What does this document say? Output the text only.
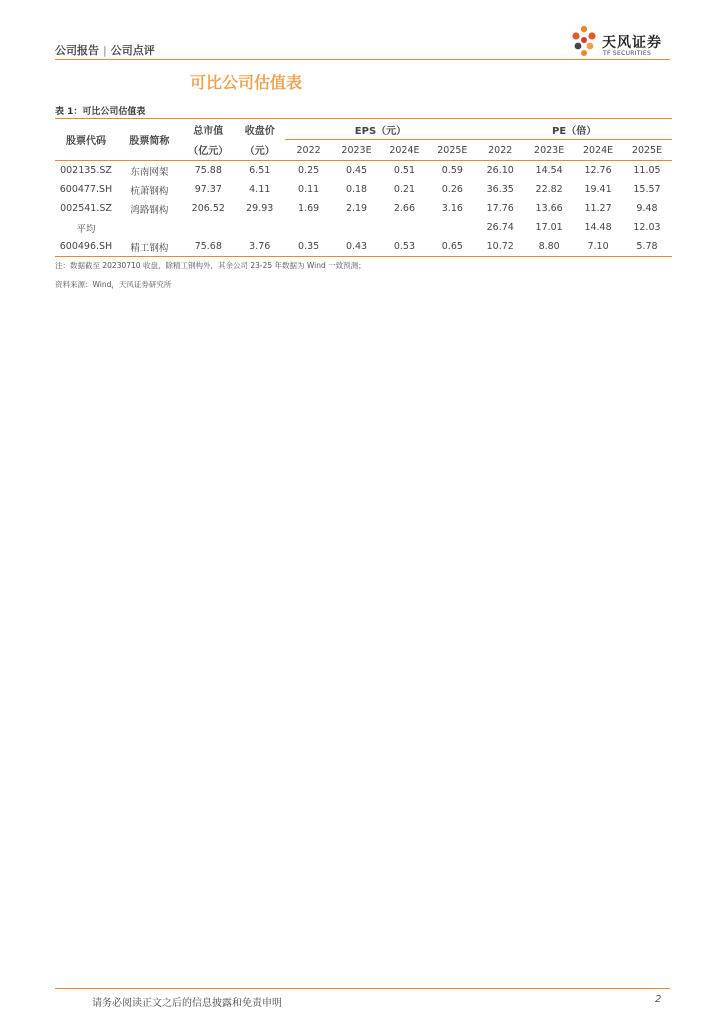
公司报告 | 公司点评	天风证券
TF SECURITIES
可比公司估值表
表 1：可比公司估值表
股票代码	股票简称	总市值	收盘价	EPS（元）				PE（倍）			
		（亿元）	（元）	2022	2023E	2024E	2025E	2022	2023E	2024E	2025E
002135.SZ	东南网架	75.88	6.51	0.25	0.45	0.51	0.59	26.10	14.54	12.76	11.05
600477.SH	杭萧钢构	97.37	4.11	0.11	0.18	0.21	0.26	36.35	22.82	19.41	15.57
002541.SZ	鸿路钢构	206.52	29.93	1.69	2.19	2.66	3.16	17.76	13.66	11.27	9.48
平均								26.74	17.01	14.48	12.03
600496.SH	精工钢构	75.68	3.76	0.35	0.43	0.53	0.65	10.72	8.80	7.10	5.78
注：数据截至 20230710 收盘，除精工钢构外，其余公司 23-25 年数据为 Wind 一致预测；
资料来源：Wind，天风证券研究所
请务必阅读正文之后的信息披露和免责申明	2
